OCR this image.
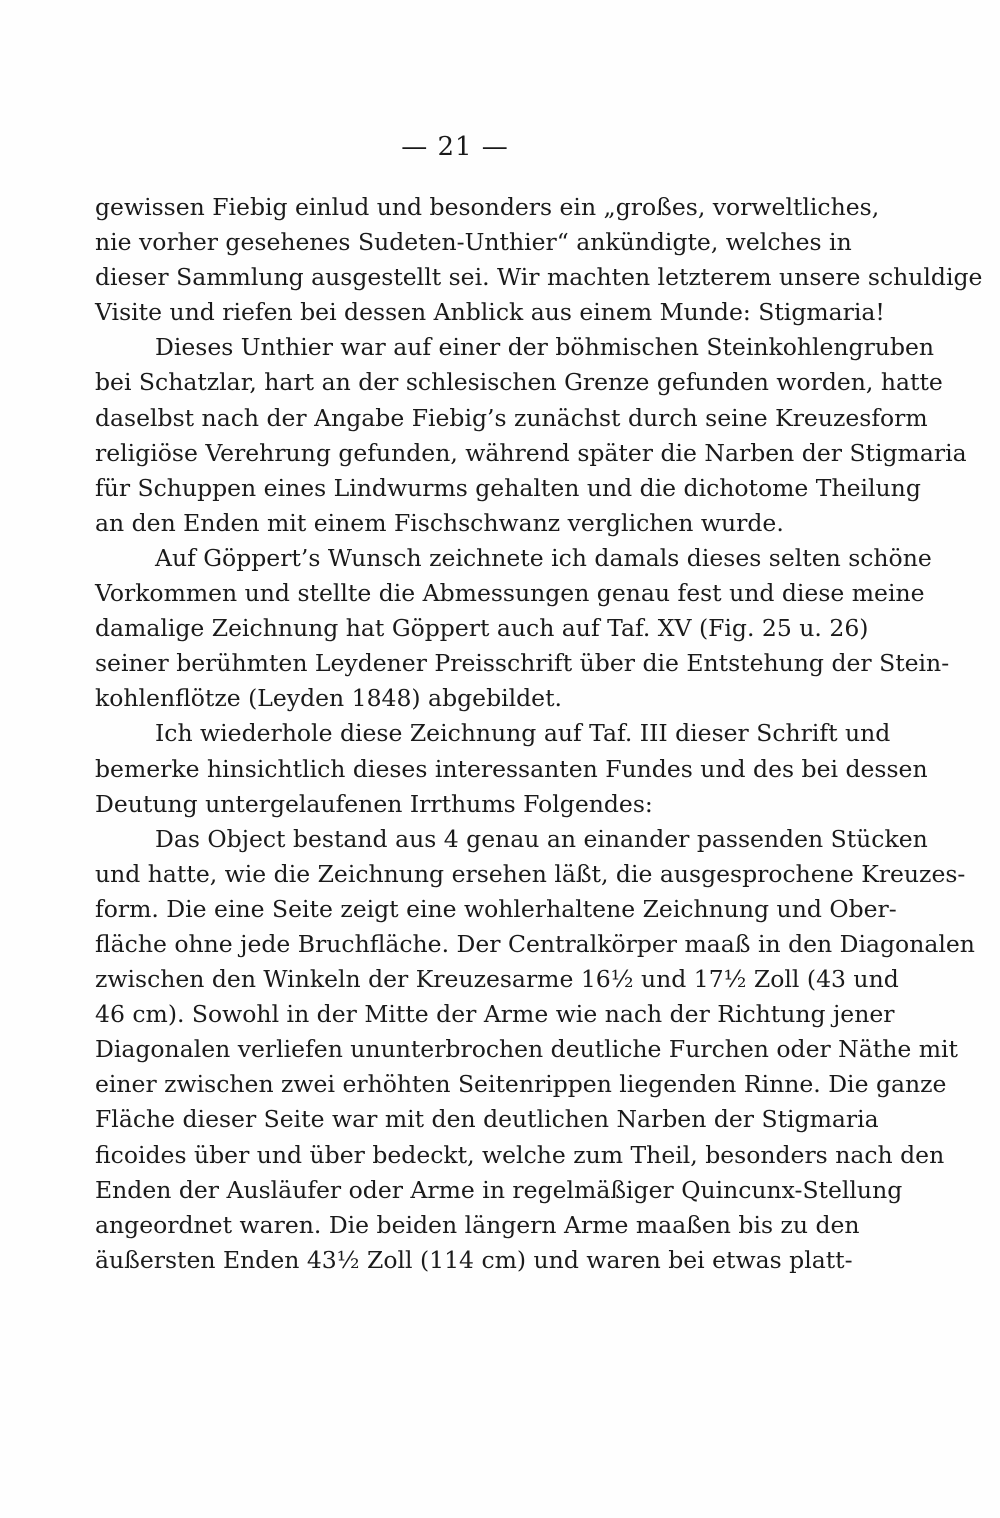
— 21 —
gewissen Fiebig einlud und besonders ein „großes, vorweltliches,
nie vorher gesehenes Sudeten-Unthier“ ankündigte, welches in
dieser Sammlung ausgestellt sei. Wir machten letzterem unsere schuldige
Visite und riefen bei dessen Anblick aus einem Munde: Stigmaria!
Dieses Unthier war auf einer der böhmischen Steinkohlengruben
bei Schatzlar, hart an der schlesischen Grenze gefunden worden, hatte
daselbst nach der Angabe Fiebig’s zunächst durch seine Kreuzesform
religiöse Verehrung gefunden, während später die Narben der Stigmaria
für Schuppen eines Lindwurms gehalten und die dichotome Theilung
an den Enden mit einem Fischschwanz verglichen wurde.
Auf Göppert’s Wunsch zeichnete ich damals dieses selten schöne
Vorkommen und stellte die Abmessungen genau fest und diese meine
damalige Zeichnung hat Göppert auch auf Taf. XV (Fig. 25 u. 26)
seiner berühmten Leydener Preisschrift über die Entstehung der Stein-
kohlenflötze (Leyden 1848) abgebildet.
Ich wiederhole diese Zeichnung auf Taf. III dieser Schrift und
bemerke hinsichtlich dieses interessanten Fundes und des bei dessen
Deutung untergelaufenen Irrthums Folgendes:
Das Object bestand aus 4 genau an einander passenden Stücken
und hatte, wie die Zeichnung ersehen läßt, die ausgesprochene Kreuzes-
form. Die eine Seite zeigt eine wohlerhaltene Zeichnung und Ober-
fläche ohne jede Bruchfläche. Der Centralkörper maaß in den Diagonalen
zwischen den Winkeln der Kreuzesarme 16½ und 17½ Zoll (43 und
46 cm). Sowohl in der Mitte der Arme wie nach der Richtung jener
Diagonalen verliefen ununterbrochen deutliche Furchen oder Näthe mit
einer zwischen zwei erhöhten Seitenrippen liegenden Rinne. Die ganze
Fläche dieser Seite war mit den deutlichen Narben der Stigmaria
ficoides über und über bedeckt, welche zum Theil, besonders nach den
Enden der Ausläufer oder Arme in regelmäßiger Quincunx-Stellung
angeordnet waren. Die beiden längern Arme maaßen bis zu den
äußersten Enden 43½ Zoll (114 cm) und waren bei etwas platt-
